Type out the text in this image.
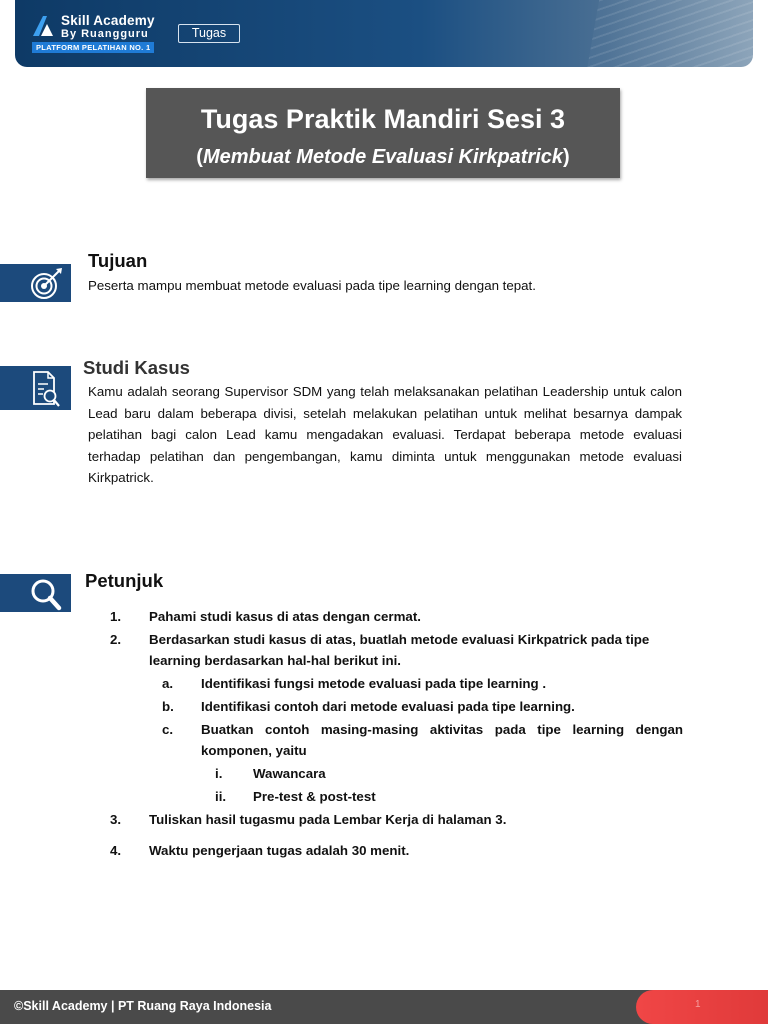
Skill Academy
By Ruangguru
PLATFORM PELATIHAN NO. 1
Tugas
Tugas Praktik Mandiri Sesi 3
(Membuat Metode Evaluasi Kirkpatrick)
Tujuan
Peserta mampu membuat metode evaluasi pada tipe learning dengan tepat.
Studi Kasus
Kamu adalah seorang Supervisor SDM yang telah melaksanakan pelatihan Leadership untuk calon Lead baru dalam beberapa divisi, setelah melakukan pelatihan untuk melihat besarnya dampak pelatihan bagi calon Lead kamu mengadakan evaluasi. Terdapat beberapa metode evaluasi terhadap pelatihan dan pengembangan, kamu diminta untuk menggunakan metode evaluasi Kirkpatrick.
Petunjuk
1. Pahami studi kasus di atas dengan cermat.
2. Berdasarkan studi kasus di atas, buatlah metode evaluasi Kirkpatrick pada tipe learning berdasarkan hal-hal berikut ini.
a. Identifikasi fungsi metode evaluasi pada tipe learning .
b. Identifikasi contoh dari metode evaluasi pada tipe learning.
c. Buatkan contoh masing-masing aktivitas pada tipe learning dengan komponen, yaitu
i. Wawancara
ii. Pre-test & post-test
3. Tuliskan hasil tugasmu pada Lembar Kerja di halaman 3.
4. Waktu pengerjaan tugas adalah 30 menit.
©Skill Academy | PT Ruang Raya Indonesia	1
